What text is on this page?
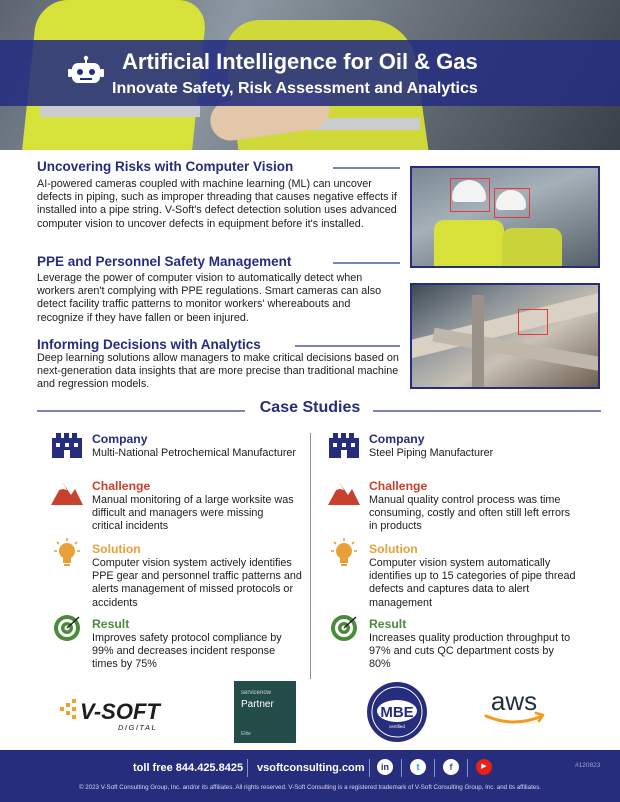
Artificial Intelligence for Oil & Gas
Innovate Safety, Risk Assessment and Analytics
Uncovering Risks with Computer Vision
AI-powered cameras coupled with machine learning (ML) can uncover defects in piping, such as improper threading that causes negative effects if installed into a pipe string. V-Soft's defect detection solution uses advanced computer vision to uncover defects in equipment before it's installed.
PPE and Personnel Safety Management
Leverage the power of computer vision to automatically detect when workers aren't complying with PPE regulations. Smart cameras can also detect facility traffic patterns to monitor workers' whereabouts and recognize if they have fallen or been injured.
Informing Decisions with Analytics
Deep learning solutions allow managers to make critical decisions based on next-generation data insights that are more precise than traditional machine and regression models.
Case Studies
Company
Multi-National Petrochemical Manufacturer
Challenge
Manual monitoring of a large worksite was difficult and managers were missing critical incidents
Solution
Computer vision system actively identifies PPE gear and personnel traffic patterns and alerts management of missed protocols or accidents
Result
Improves safety protocol compliance by 99% and decreases incident response times by 75%
Company
Steel Piping Manufacturer
Challenge
Manual quality control process was time consuming, costly and often still left errors in products
Solution
Computer vision system automatically identifies up to 15 categories of pipe thread defects and captures data to alert management
Result
Increases quality production throughput to 97% and cuts QC department costs by 80%
V-SOFT
DIGITAL
servicenow
Partner
Elite
MBE
certified
aws
toll free 844.425.8425 vsoftconsulting.com	in	t	f	▶	#120823
© 2023 V-Soft Consulting Group, Inc. and/or its affiliates. All rights reserved. V-Soft Consulting is a registered trademark of V-Soft Consulting Group, Inc. and its affiliates.
